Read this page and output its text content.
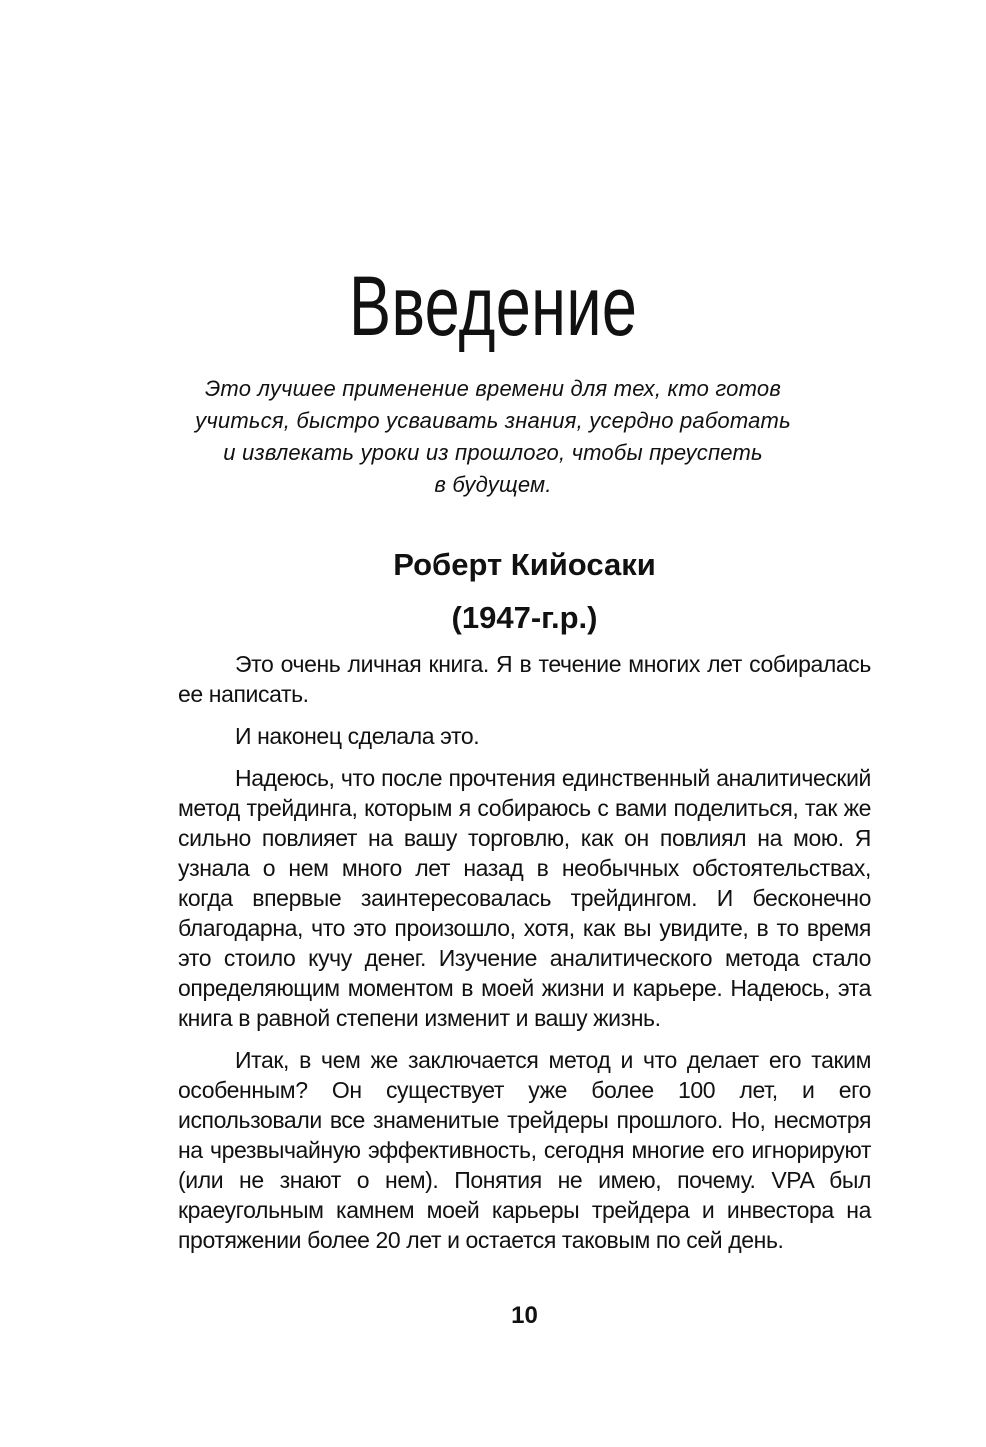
Введение
Это лучшее применение времени для тех, кто готов
учиться, быстро усваивать знания, усердно работать
и извлекать уроки из прошлого, чтобы преуспеть
в будущем.
Роберт Кийосаки
(1947-г.р.)

Это очень личная книга. Я в течение многих лет собиралась ее написать.

И наконец сделала это.

Надеюсь, что после прочтения единственный аналитический метод трейдинга, которым я собираюсь с вами поделиться, так же сильно повлияет на вашу торговлю, как он повлиял на мою. Я узнала о нем много лет назад в необычных обстоятельствах, когда впервые заинтересовалась трейдингом. И бесконечно благодарна, что это произошло, хотя, как вы увидите, в то время это стоило кучу денег. Изучение аналитического метода стало определяющим моментом в моей жизни и карьере. Надеюсь, эта книга в равной степени изменит и вашу жизнь.

Итак, в чем же заключается метод и что делает его таким особенным? Он существует уже более 100 лет, и его использовали все знаменитые трейдеры прошлого. Но, несмотря на чрезвычайную эффективность, сегодня многие его игнорируют (или не знают о нем). Понятия не имею, почему. VPA был краеугольным камнем моей карьеры трейдера и инвестора на протяжении более 20 лет и остается таковым по сей день.

10
